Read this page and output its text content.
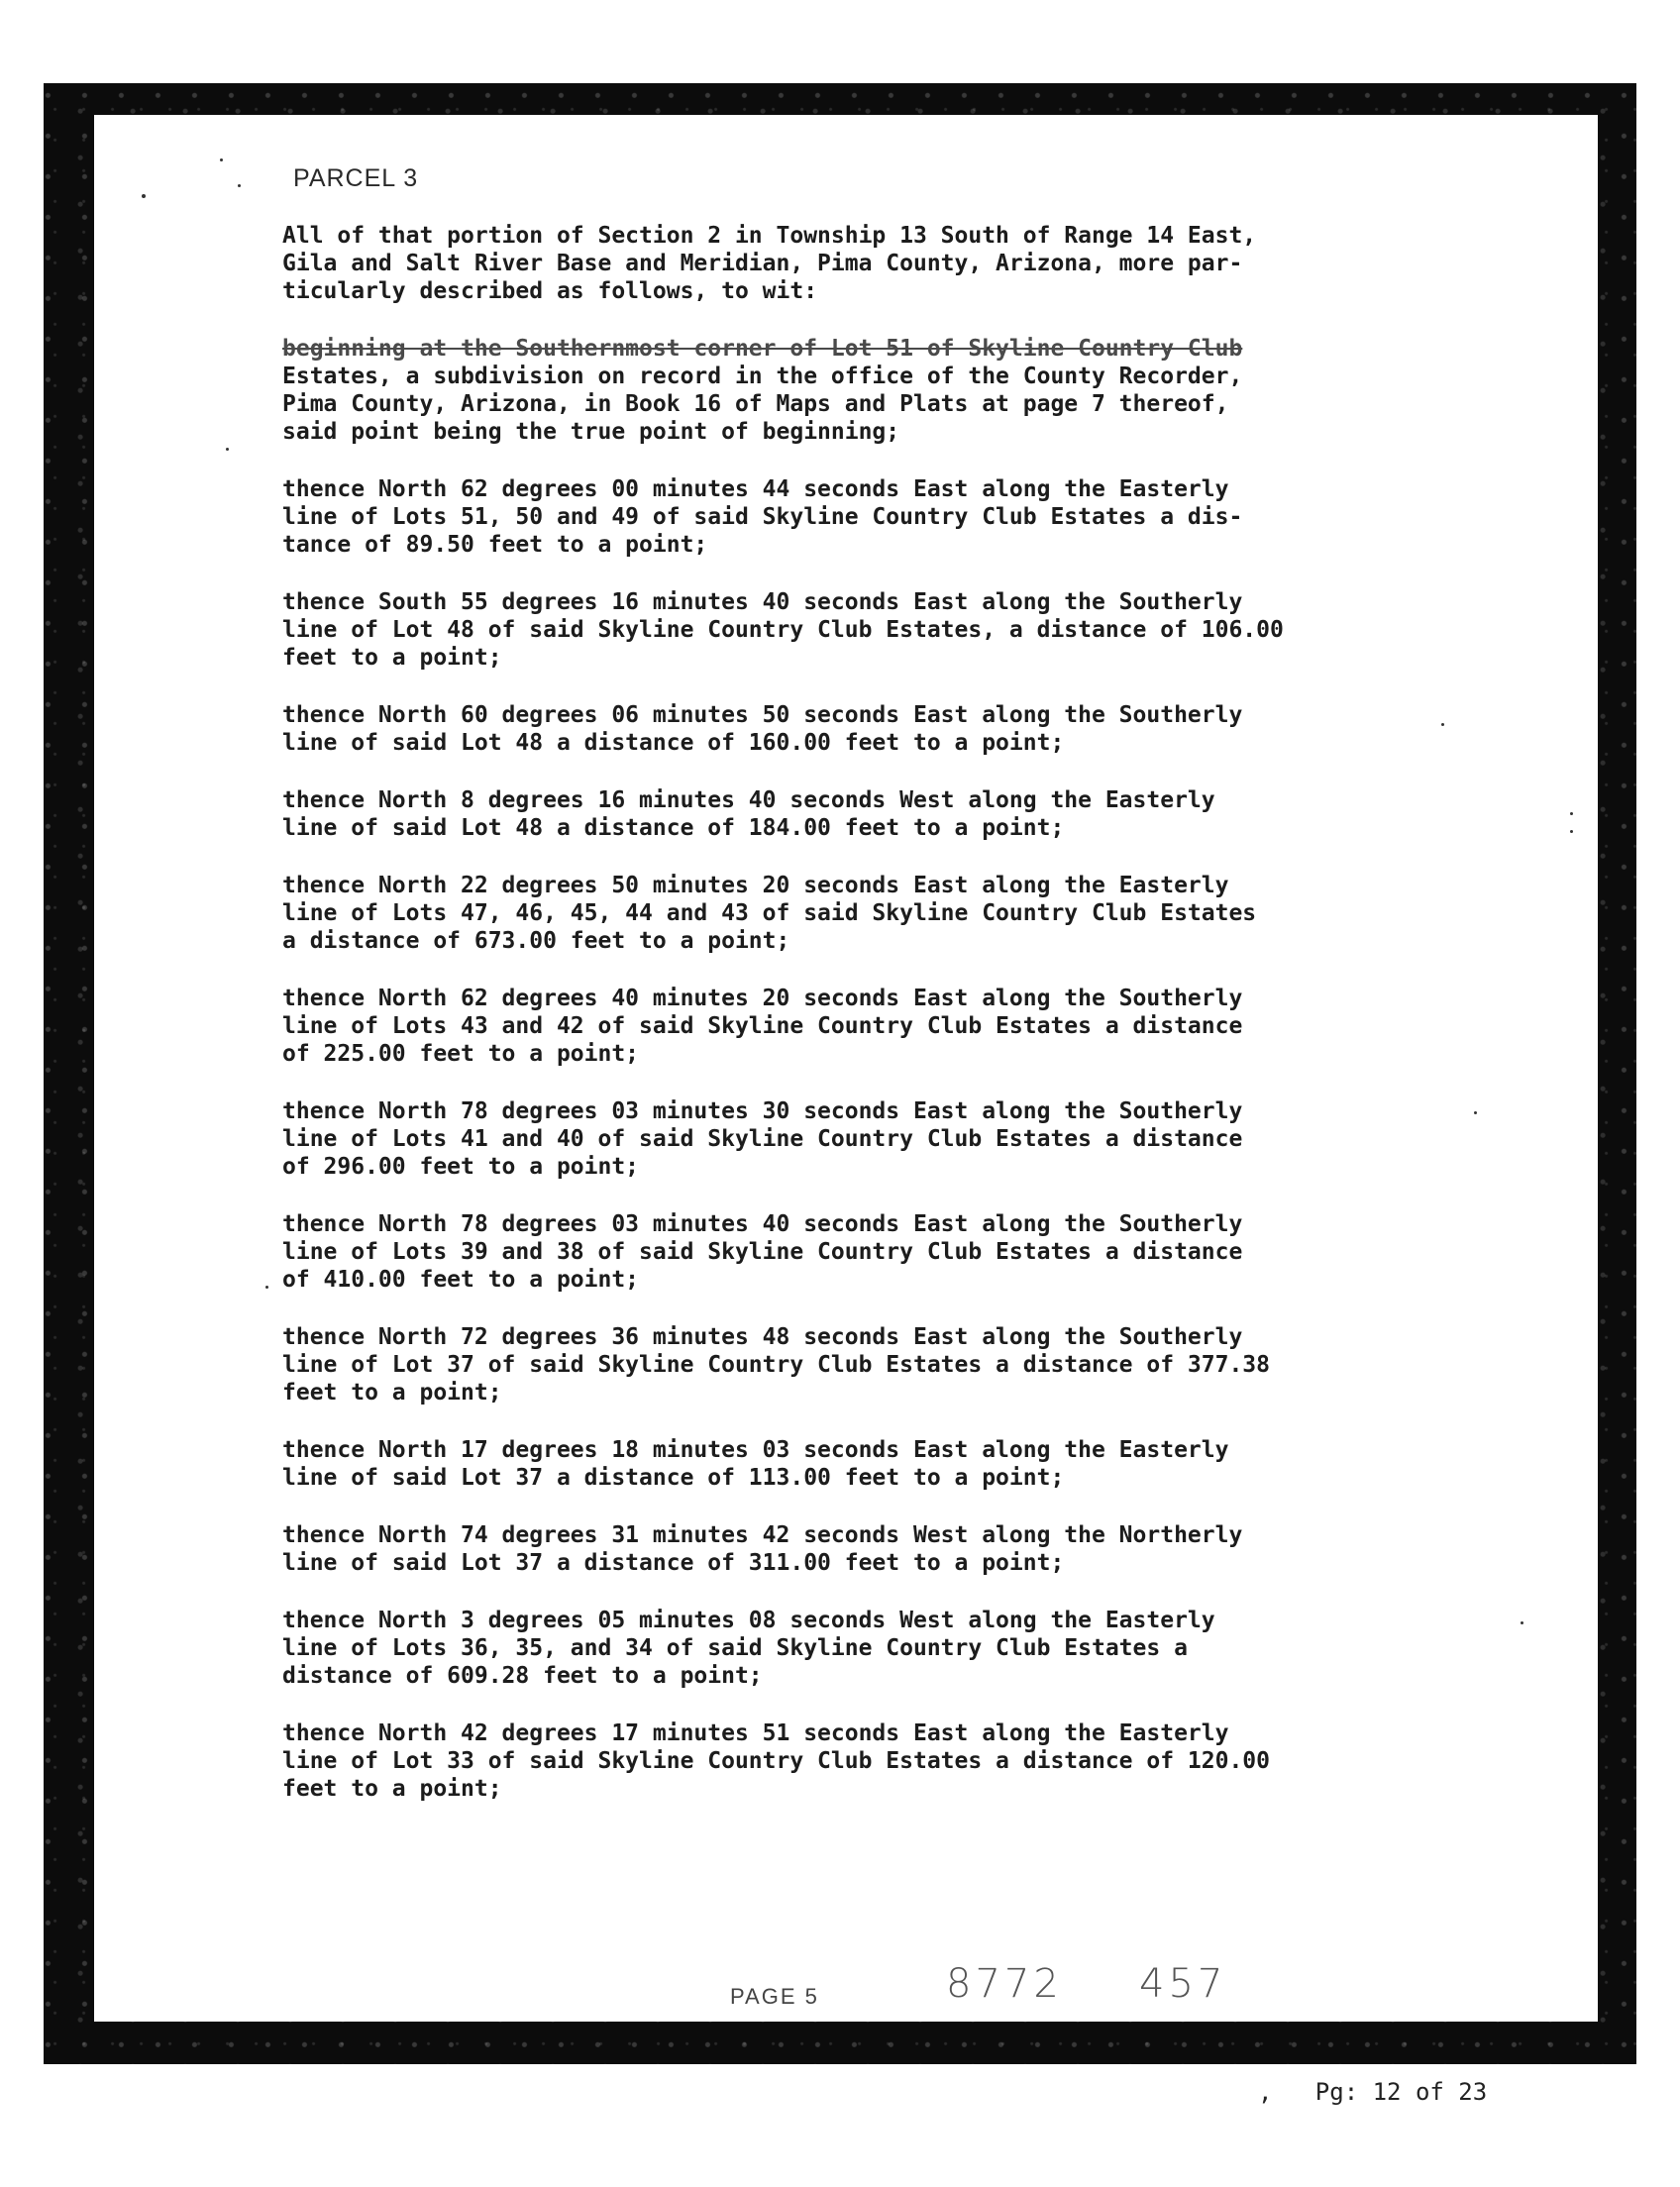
PARCEL 3
All of that portion of Section 2 in Township 13 South of Range 14 East,
Gila and Salt River Base and Meridian, Pima County, Arizona, more par-
ticularly described as follows, to wit:
beginning at the Southernmost corner of Lot 51 of Skyline Country Club
Estates, a subdivision on record in the office of the County Recorder,
Pima County, Arizona, in Book 16 of Maps and Plats at page 7 thereof,
said point being the true point of beginning;
thence North 62 degrees 00 minutes 44 seconds East along the Easterly
line of Lots 51, 50 and 49 of said Skyline Country Club Estates a dis-
tance of 89.50 feet to a point;
thence South 55 degrees 16 minutes 40 seconds East along the Southerly
line of Lot 48 of said Skyline Country Club Estates, a distance of 106.00
feet to a point;
thence North 60 degrees 06 minutes 50 seconds East along the Southerly
line of said Lot 48 a distance of 160.00 feet to a point;
thence North 8 degrees 16 minutes 40 seconds West along the Easterly
line of said Lot 48 a distance of 184.00 feet to a point;
thence North 22 degrees 50 minutes 20 seconds East along the Easterly
line of Lots 47, 46, 45, 44 and 43 of said Skyline Country Club Estates
a distance of 673.00 feet to a point;
thence North 62 degrees 40 minutes 20 seconds East along the Southerly
line of Lots 43 and 42 of said Skyline Country Club Estates a distance
of 225.00 feet to a point;
thence North 78 degrees 03 minutes 30 seconds East along the Southerly
line of Lots 41 and 40 of said Skyline Country Club Estates a distance
of 296.00 feet to a point;
thence North 78 degrees 03 minutes 40 seconds East along the Southerly
line of Lots 39 and 38 of said Skyline Country Club Estates a distance
of 410.00 feet to a point;
thence North 72 degrees 36 minutes 48 seconds East along the Southerly
line of Lot 37 of said Skyline Country Club Estates a distance of 377.38
feet to a point;
thence North 17 degrees 18 minutes 03 seconds East along the Easterly
line of said Lot 37 a distance of 113.00 feet to a point;
thence North 74 degrees 31 minutes 42 seconds West along the Northerly
line of said Lot 37 a distance of 311.00 feet to a point;
thence North 3 degrees 05 minutes 08 seconds West along the Easterly
line of Lots 36, 35, and 34 of said Skyline Country Club Estates a
distance of 609.28 feet to a point;
thence North 42 degrees 17 minutes 51 seconds East along the Easterly
line of Lot 33 of said Skyline Country Club Estates a distance of 120.00
feet to a point;
PAGE 5	8772 457
,   Pg: 12 of 23
